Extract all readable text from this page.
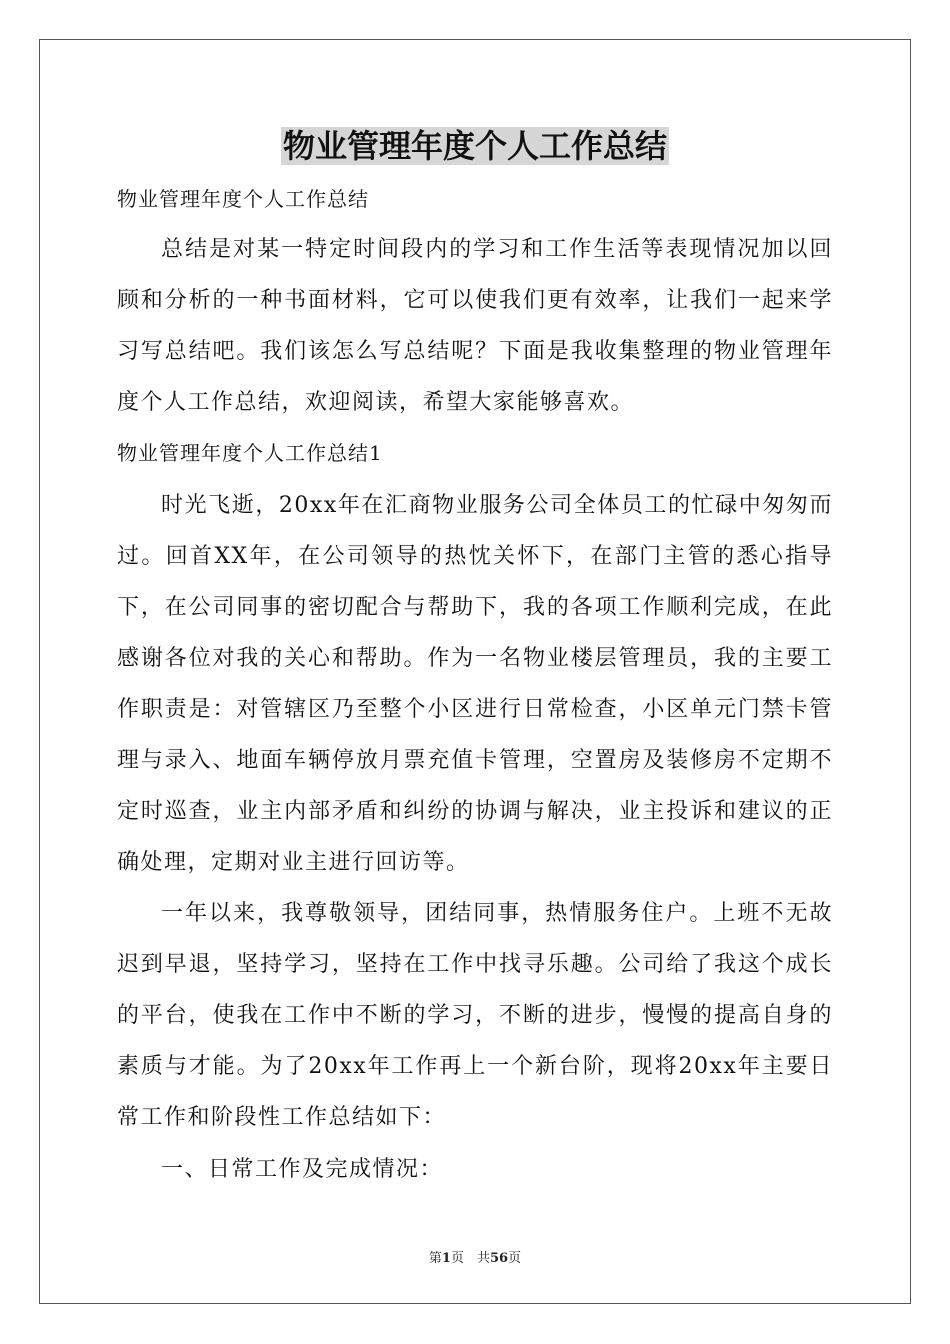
物业管理年度个人工作总结

物业管理年度个人工作总结

总结是对某一特定时间段内的学习和工作生活等表现情况加以回顾和分析的一种书面材料，它可以使我们更有效率，让我们一起来学习写总结吧。我们该怎么写总结呢？下面是我收集整理的物业管理年度个人工作总结，欢迎阅读，希望大家能够喜欢。

物业管理年度个人工作总结1

时光飞逝，20xx年在汇商物业服务公司全体员工的忙碌中匆匆而过。回首XX年，在公司领导的热忱关怀下，在部门主管的悉心指导下，在公司同事的密切配合与帮助下，我的各项工作顺利完成，在此感谢各位对我的关心和帮助。作为一名物业楼层管理员，我的主要工作职责是：对管辖区乃至整个小区进行日常检查，小区单元门禁卡管理与录入、地面车辆停放月票充值卡管理，空置房及装修房不定期不定时巡查，业主内部矛盾和纠纷的协调与解决，业主投诉和建议的正确处理，定期对业主进行回访等。

一年以来，我尊敬领导，团结同事，热情服务住户。上班不无故迟到早退，坚持学习，坚持在工作中找寻乐趣。公司给了我这个成长的平台，使我在工作中不断的学习，不断的进步，慢慢的提高自身的素质与才能。为了20xx年工作再上一个新台阶，现将20xx年主要日常工作和阶段性工作总结如下：

一、日常工作及完成情况：

第1页　共56页
